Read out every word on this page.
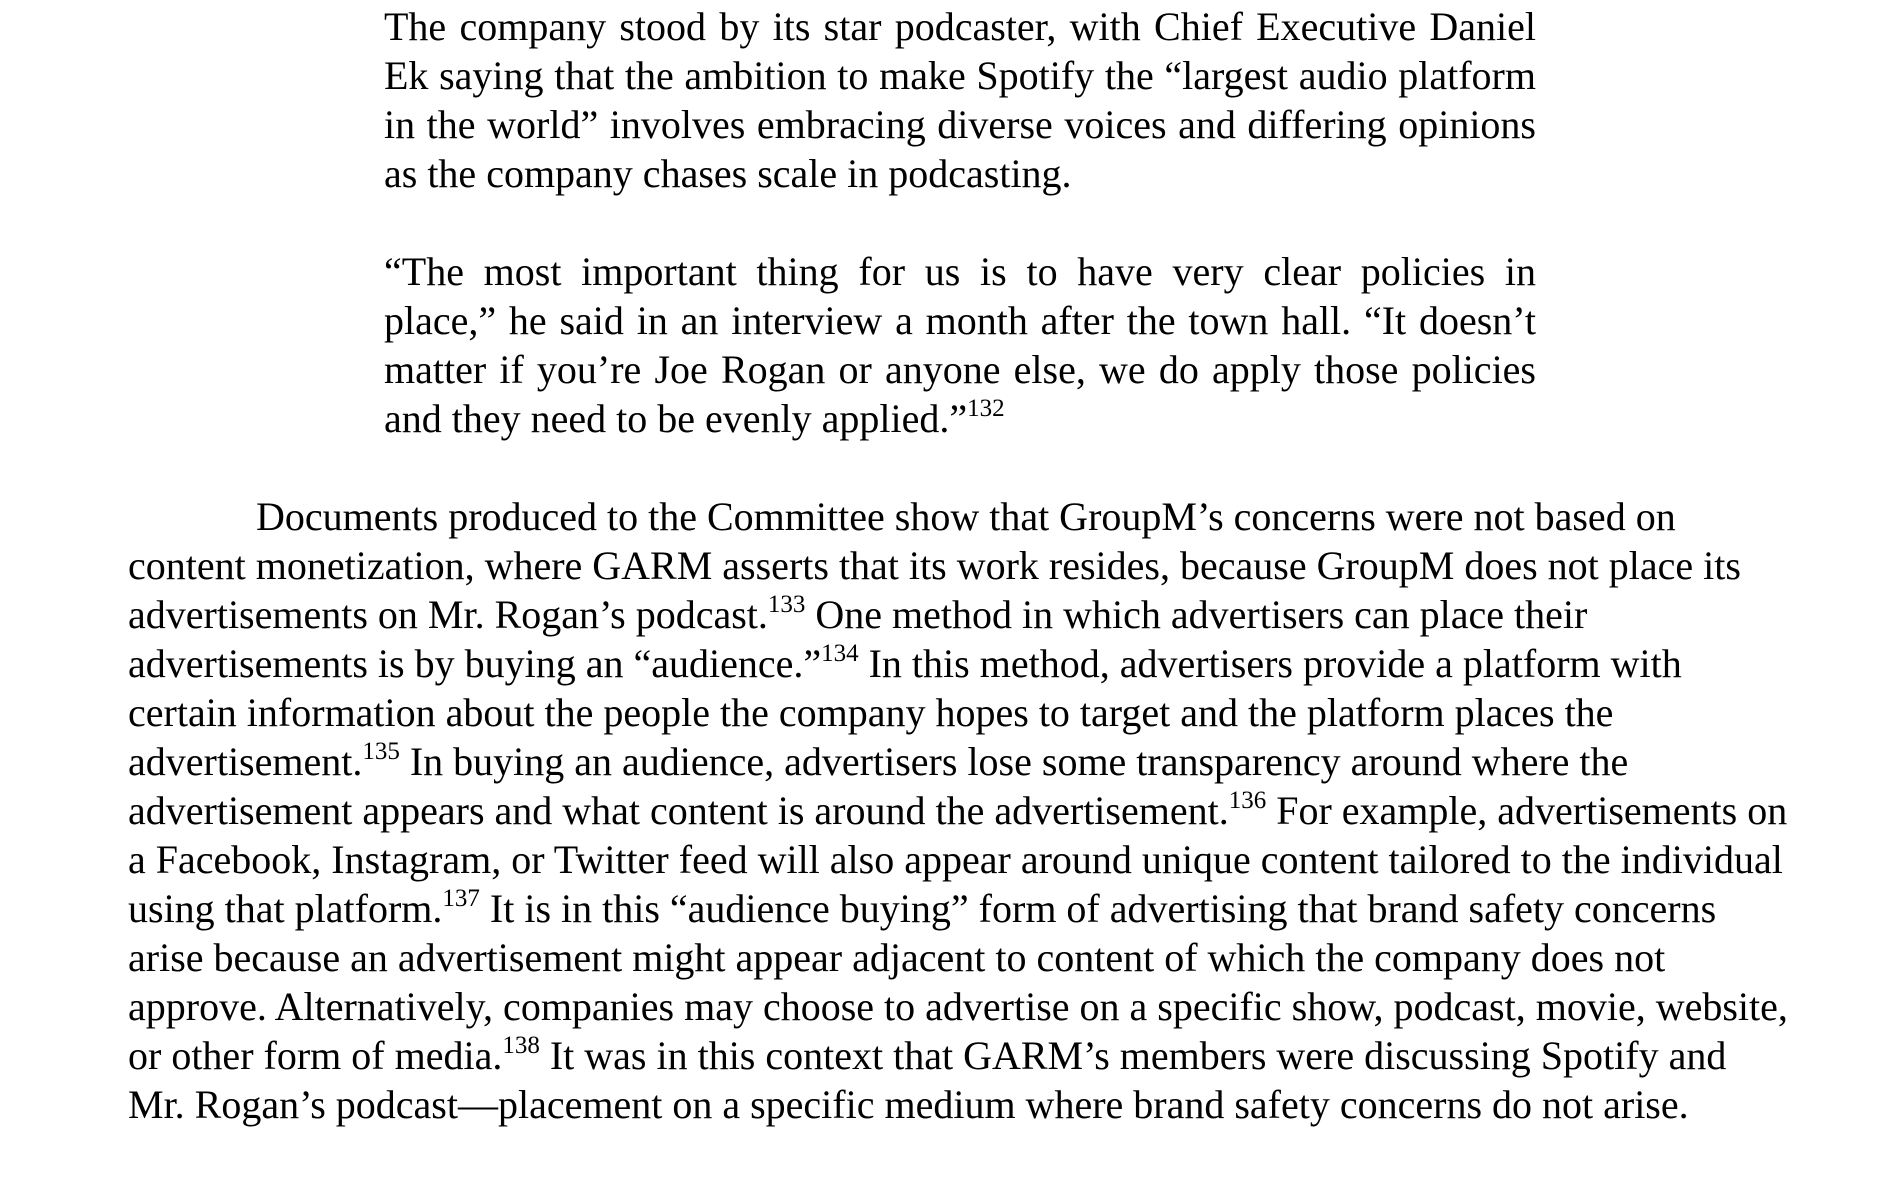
The company stood by its star podcaster, with Chief Executive Daniel Ek saying that the ambition to make Spotify the “largest audio platform in the world” involves embracing diverse voices and differing opinions as the company chases scale in podcasting.

“The most important thing for us is to have very clear policies in place,” he said in an interview a month after the town hall. “It doesn’t matter if you’re Joe Rogan or anyone else, we do apply those policies and they need to be evenly applied.”$^{132}$

Documents produced to the Committee show that GroupM’s concerns were not based on content monetization, where GARM asserts that its work resides, because GroupM does not place its advertisements on Mr. Rogan’s podcast.$^{133}$ One method in which advertisers can place their advertisements is by buying an “audience.”$^{134}$ In this method, advertisers provide a platform with certain information about the people the company hopes to target and the platform places the advertisement.$^{135}$ In buying an audience, advertisers lose some transparency around where the advertisement appears and what content is around the advertisement.$^{136}$ For example, advertisements on a Facebook, Instagram, or Twitter feed will also appear around unique content tailored to the individual using that platform.$^{137}$ It is in this “audience buying” form of advertising that brand safety concerns arise because an advertisement might appear adjacent to content of which the company does not approve. Alternatively, companies may choose to advertise on a specific show, podcast, movie, website, or other form of media.$^{138}$ It was in this context that GARM’s members were discussing Spotify and Mr. Rogan’s podcast—placement on a specific medium where brand safety concerns do not arise.
